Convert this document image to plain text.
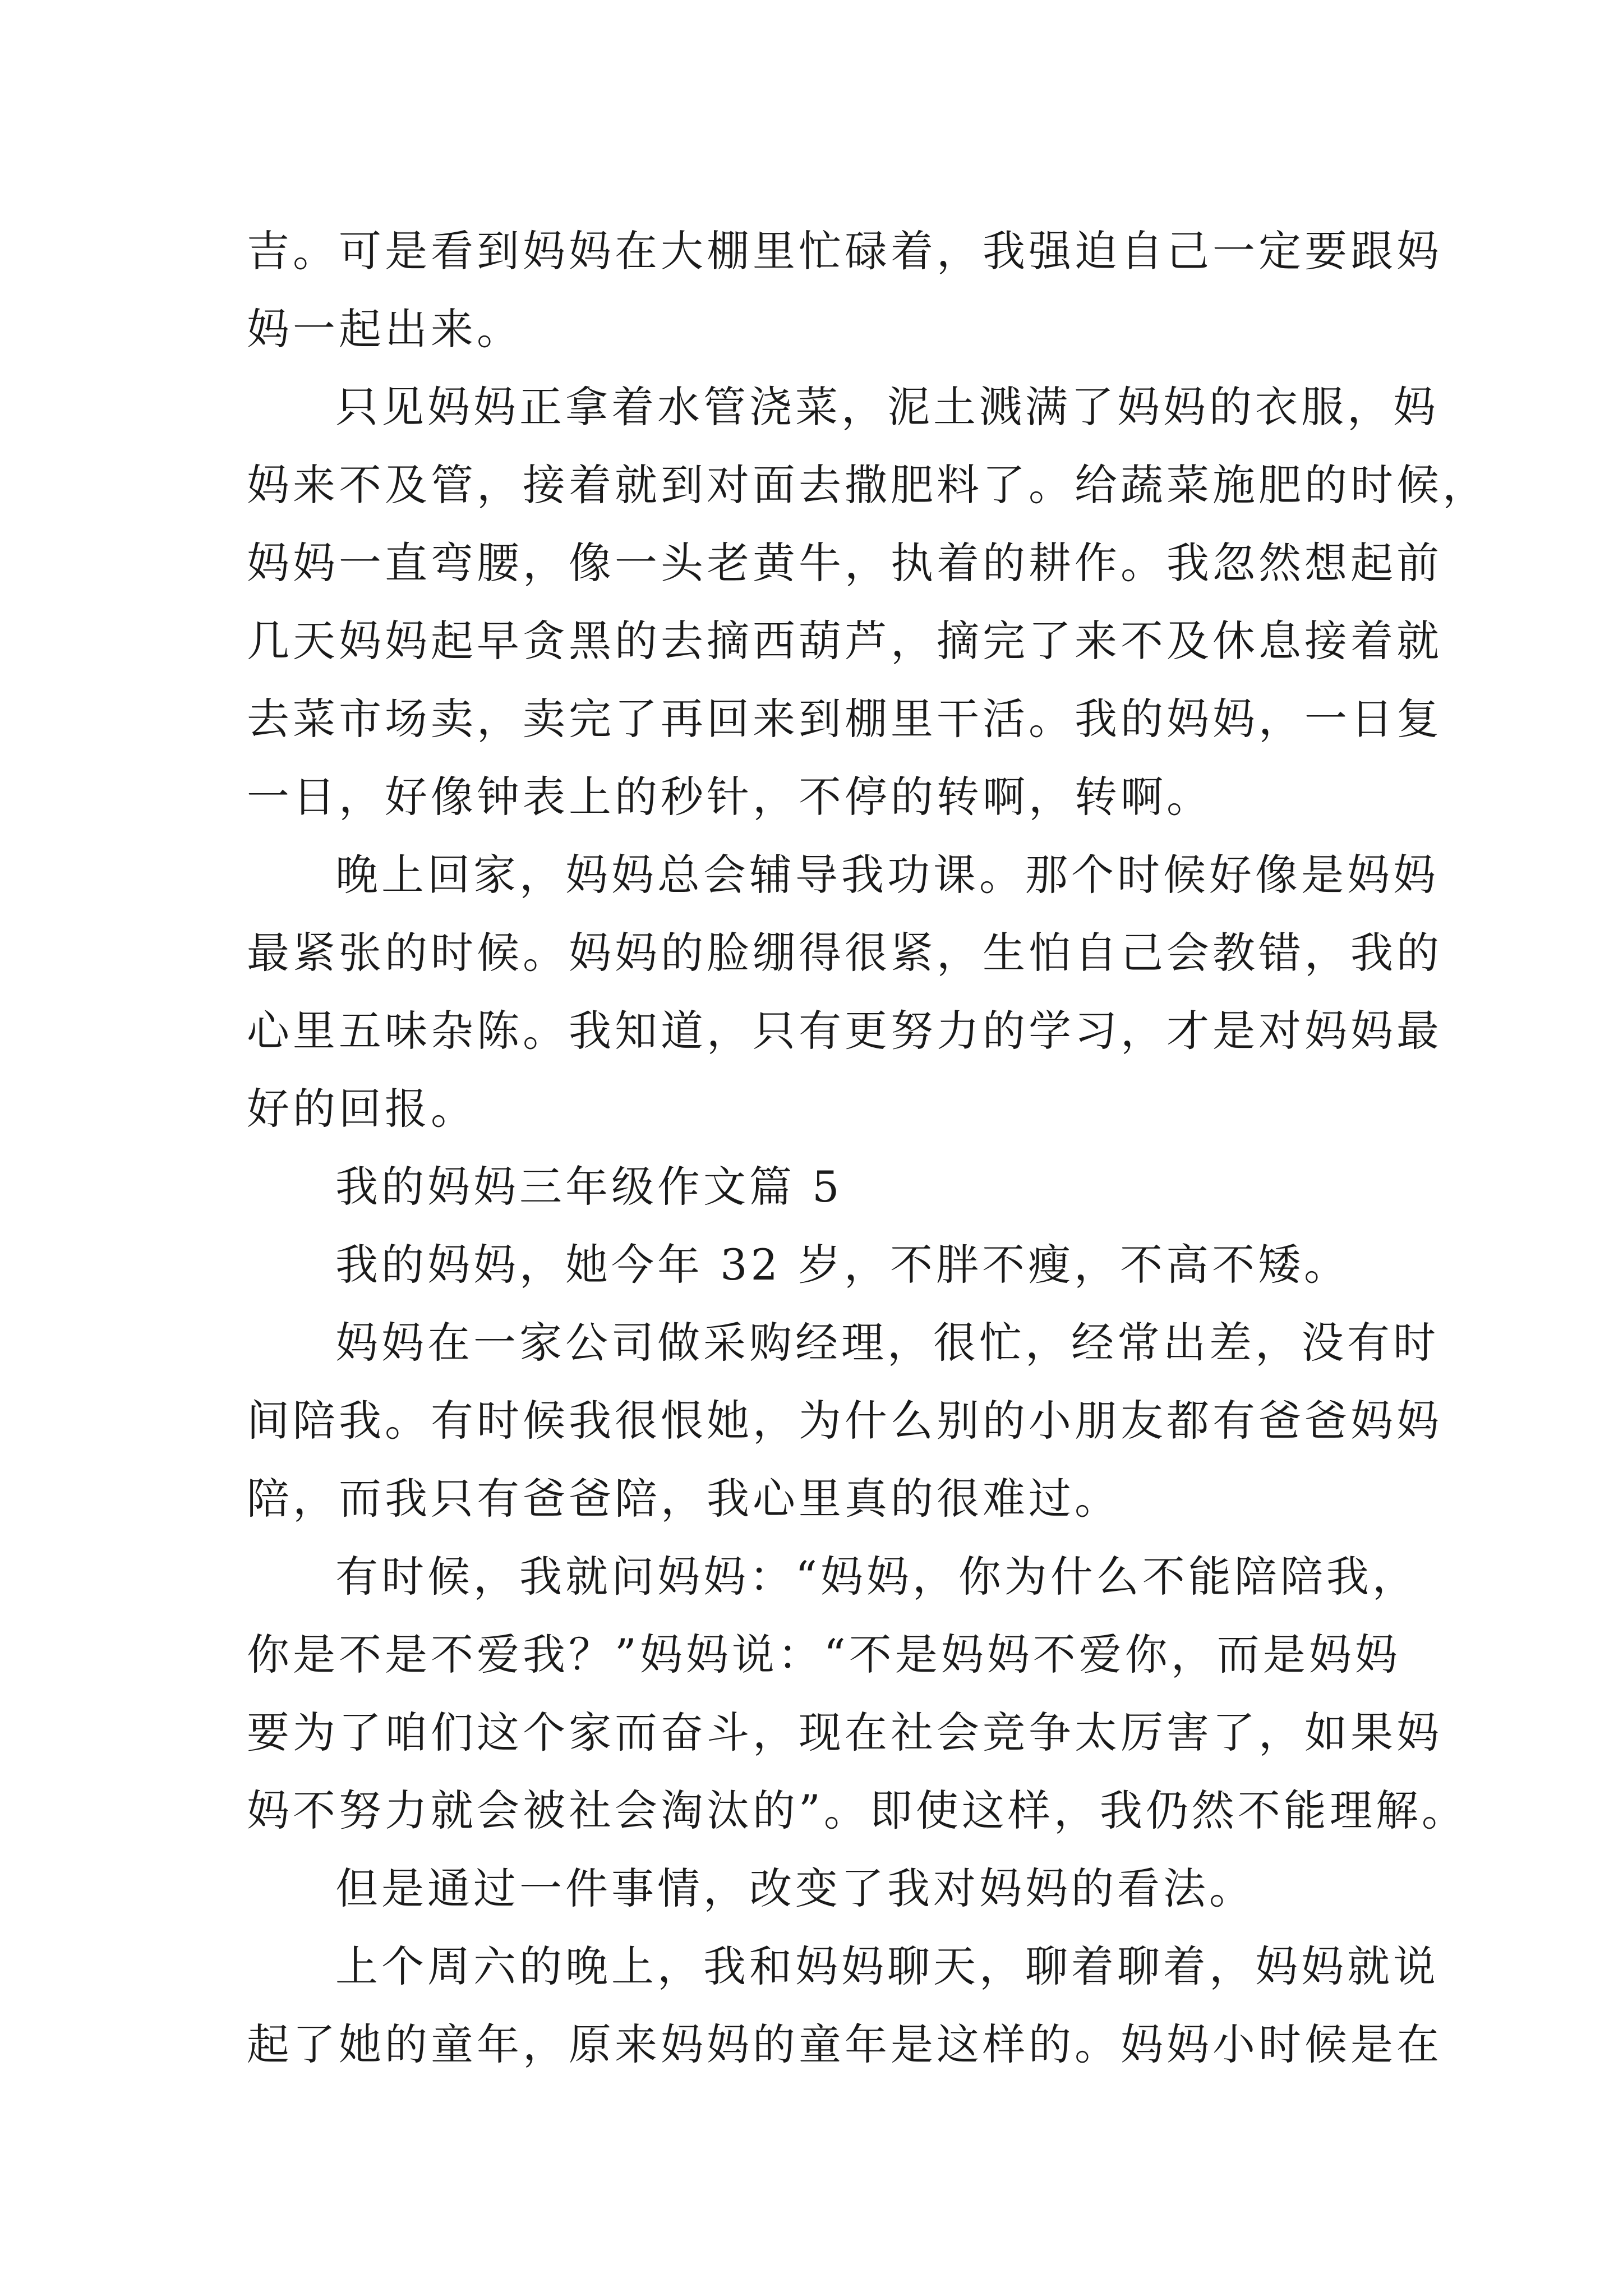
吉。可是看到妈妈在大棚里忙碌着，我强迫自己一定要跟妈
妈一起出来。

只见妈妈正拿着水管浇菜，泥土溅满了妈妈的衣服，妈
妈来不及管，接着就到对面去撒肥料了。给蔬菜施肥的时候，
妈妈一直弯腰，像一头老黄牛，执着的耕作。我忽然想起前
几天妈妈起早贪黑的去摘西葫芦，摘完了来不及休息接着就
去菜市场卖，卖完了再回来到棚里干活。我的妈妈，一日复
一日，好像钟表上的秒针，不停的转啊，转啊。

晚上回家，妈妈总会辅导我功课。那个时候好像是妈妈
最紧张的时候。妈妈的脸绷得很紧，生怕自己会教错，我的
心里五味杂陈。我知道，只有更努力的学习，才是对妈妈最
好的回报。

我的妈妈三年级作文篇 5

我的妈妈，她今年 32 岁，不胖不瘦，不高不矮。

妈妈在一家公司做采购经理，很忙，经常出差，没有时
间陪我。有时候我很恨她，为什么别的小朋友都有爸爸妈妈
陪，而我只有爸爸陪，我心里真的很难过。

有时候，我就问妈妈：“妈妈，你为什么不能陪陪我，
你是不是不爱我？”妈妈说：“不是妈妈不爱你，而是妈妈
要为了咱们这个家而奋斗，现在社会竞争太厉害了，如果妈
妈不努力就会被社会淘汰的”。即使这样，我仍然不能理解。

但是通过一件事情，改变了我对妈妈的看法。

上个周六的晚上，我和妈妈聊天，聊着聊着，妈妈就说
起了她的童年，原来妈妈的童年是这样的。妈妈小时候是在
